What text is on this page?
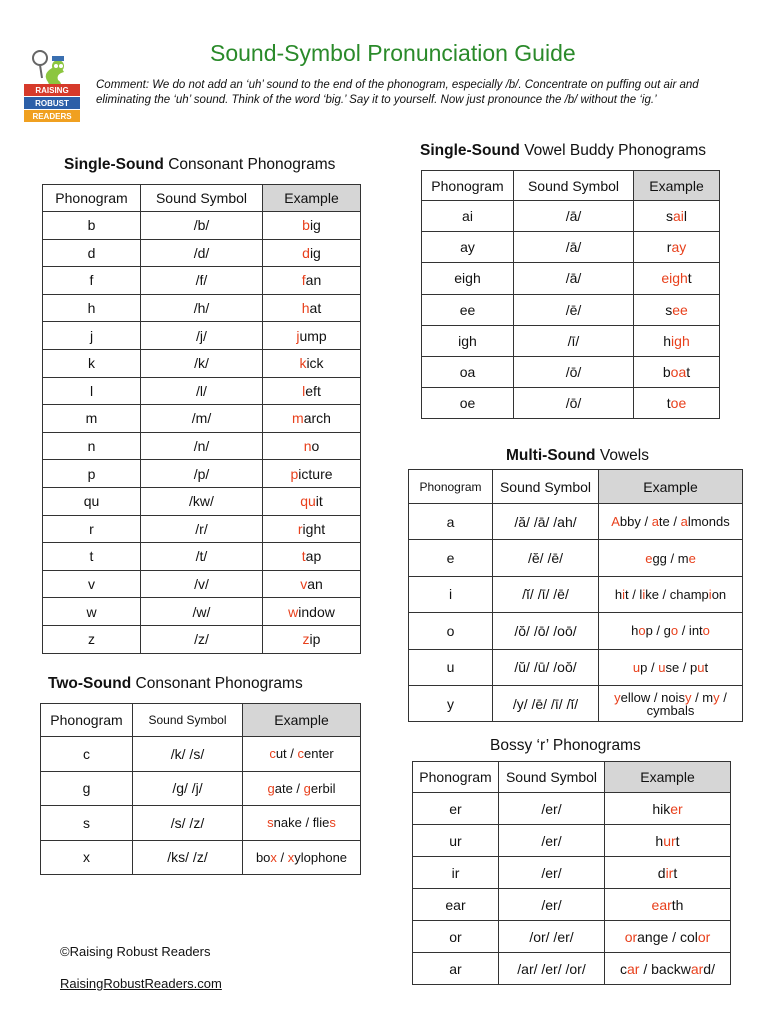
RAISING
ROBUST
READERS
Sound-Symbol Pronunciation Guide
Comment: We do not add an ‘uh’ sound to the end of the phonogram, especially /b/. Concentrate on puffing out air and eliminating the ‘uh’ sound. Think of the word ‘big.’ Say it to yourself. Now just pronounce the /b/ without the ‘ig.’
Single-Sound Consonant Phonograms
Phonogram	Sound Symbol	Example
b	/b/	big
d	/d/	dig
f	/f/	fan
h	/h/	hat
j	/j/	jump
k	/k/	kick
l	/l/	left
m	/m/	march
n	/n/	no
p	/p/	picture
qu	/kw/	quit
r	/r/	right
t	/t/	tap
v	/v/	van
w	/w/	window
z	/z/	zip
Two-Sound Consonant Phonograms
Phonogram	Sound Symbol	Example
c	/k/ /s/	cut / center
g	/g/ /j/	gate / gerbil
s	/s/ /z/	snake / flies
x	/ks/ /z/	box / xylophone
Single-Sound Vowel Buddy Phonograms
Phonogram	Sound Symbol	Example
ai	/ā/	sail
ay	/ā/	ray
eigh	/ā/	eight
ee	/ē/	see
igh	/ī/	high
oa	/ō/	boat
oe	/ō/	toe
Multi-Sound Vowels
Phonogram	Sound Symbol	Example
a	/ă/ /ā/ /ah/	Abby / ate / almonds
e	/ĕ/ /ē/	egg / me
i	/ĭ/ /ī/ /ē/	hit / like / champion
o	/ŏ/ /ō/ /oō/	hop / go / into
u	/ŭ/ /ū/ /oŏ/	up / use / put
y	/y/ /ē/ /ī/ /ĭ/	yellow / noisy / my / cymbals
Bossy ‘r’ Phonograms
Phonogram	Sound Symbol	Example
er	/er/	hiker
ur	/er/	hurt
ir	/er/	dirt
ear	/er/	earth
or	/or/ /er/	orange / color
ar	/ar/ /er/ /or/	car / backward/
©Raising Robust Readers
RaisingRobustReaders.com
